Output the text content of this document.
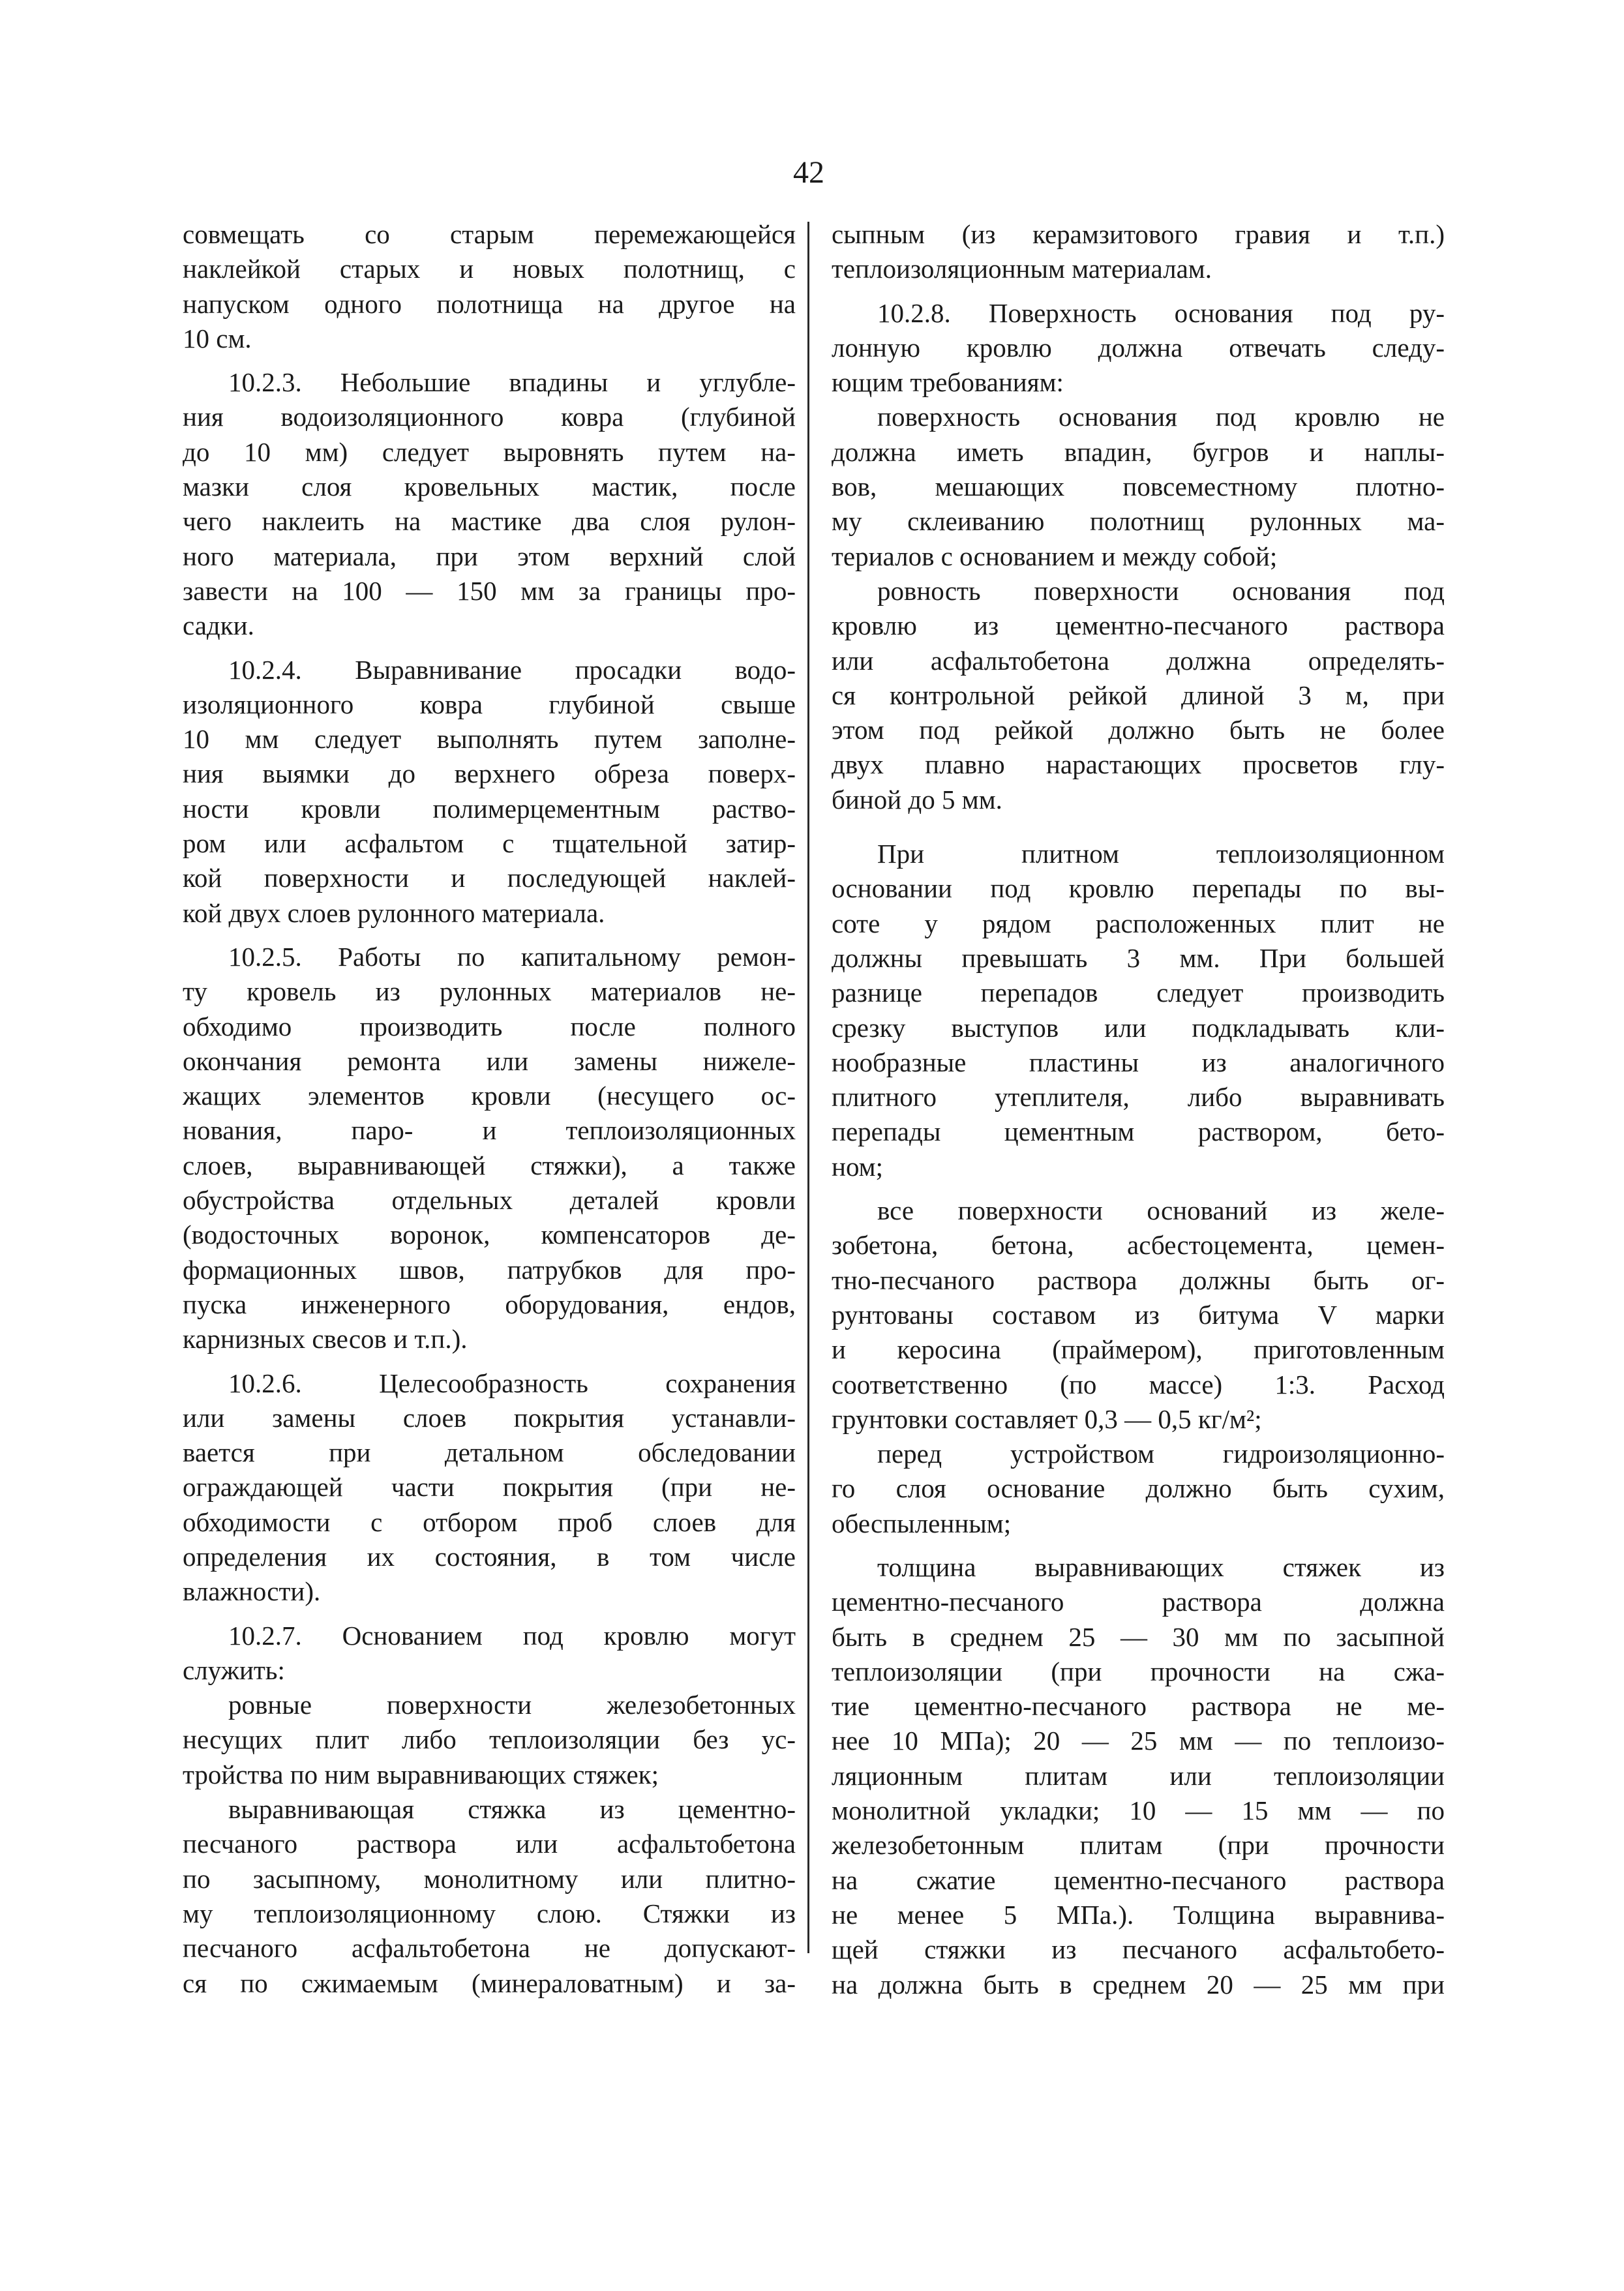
42
совмещать со старым перемежающейся
наклейкой старых и новых полотнищ, с
напуском одного полотнища на другое на
10 см.
10.2.3. Небольшие впадины и углубле-
ния водоизоляционного ковра (глубиной
до 10 мм) следует выровнять путем на-
мазки слоя кровельных мастик, после
чего наклеить на мастике два слоя рулон-
ного материала, при этом верхний слой
завести на 100 — 150 мм за границы про-
садки.
10.2.4. Выравнивание просадки водо-
изоляционного ковра глубиной свыше
10 мм следует выполнять путем заполне-
ния выямки до верхнего обреза поверх-
ности кровли полимерцементным раство-
ром или асфальтом с тщательной затир-
кой поверхности и последующей наклей-
кой двух слоев рулонного материала.
10.2.5. Работы по капитальному ремон-
ту кровель из рулонных материалов не-
обходимо производить после полного
окончания ремонта или замены нижеле-
жащих элементов кровли (несущего ос-
нования, паро- и теплоизоляционных
слоев, выравнивающей стяжки), а также
обустройства отдельных деталей кровли
(водосточных воронок, компенсаторов де-
формационных швов, патрубков для про-
пуска инженерного оборудования, ендов,
карнизных свесов и т.п.).
10.2.6. Целесообразность сохранения
или замены слоев покрытия устанавли-
вается при детальном обследовании
ограждающей части покрытия (при не-
обходимости с отбором проб слоев для
определения их состояния, в том числе
влажности).
10.2.7. Основанием под кровлю могут
служить:
ровные поверхности железобетонных
несущих плит либо теплоизоляции без ус-
тройства по ним выравнивающих стяжек;
выравнивающая стяжка из цементно-
песчаного раствора или асфальтобетона
по засыпному, монолитному или плитно-
му теплоизоляционному слою. Стяжки из
песчаного асфальтобетона не допускают-
ся по сжимаемым (минераловатным) и за-
сыпным (из керамзитового гравия и т.п.)
теплоизоляционным материалам.
10.2.8. Поверхность основания под ру-
лонную кровлю должна отвечать следу-
ющим требованиям:
поверхность основания под кровлю не
должна иметь впадин, бугров и наплы-
вов, мешающих повсеместному плотно-
му склеиванию полотнищ рулонных ма-
териалов с основанием и между собой;
ровность поверхности основания под
кровлю из цементно-песчаного раствора
или асфальтобетона должна определять-
ся контрольной рейкой длиной 3 м, при
этом под рейкой должно быть не более
двух плавно нарастающих просветов глу-
биной до 5 мм.
При плитном теплоизоляционном
основании под кровлю перепады по вы-
соте у рядом расположенных плит не
должны превышать 3 мм. При большей
разнице перепадов следует производить
срезку выступов или подкладывать кли-
нообразные пластины из аналогичного
плитного утеплителя, либо выравнивать
перепады цементным раствором, бето-
ном;
все поверхности оснований из желе-
зобетона, бетона, асбестоцемента, цемен-
тно-песчаного раствора должны быть ог-
рунтованы составом из битума V марки
и керосина (праймером), приготовленным
соответственно (по массе) 1:3. Расход
грунтовки составляет 0,3 — 0,5 кг/м²;
перед устройством гидроизоляционно-
го слоя основание должно быть сухим,
обеспыленным;
толщина выравнивающих стяжек из
цементно-песчаного раствора должна
быть в среднем 25 — 30 мм по засыпной
теплоизоляции (при прочности на сжа-
тие цементно-песчаного раствора не ме-
нее 10 МПа); 20 — 25 мм — по теплоизо-
ляционным плитам или теплоизоляции
монолитной укладки; 10 — 15 мм — по
железобетонным плитам (при прочности
на сжатие цементно-песчаного раствора
не менее 5 МПа.). Толщина выравнива-
щей стяжки из песчаного асфальтобето-
на должна быть в среднем 20 — 25 мм при
